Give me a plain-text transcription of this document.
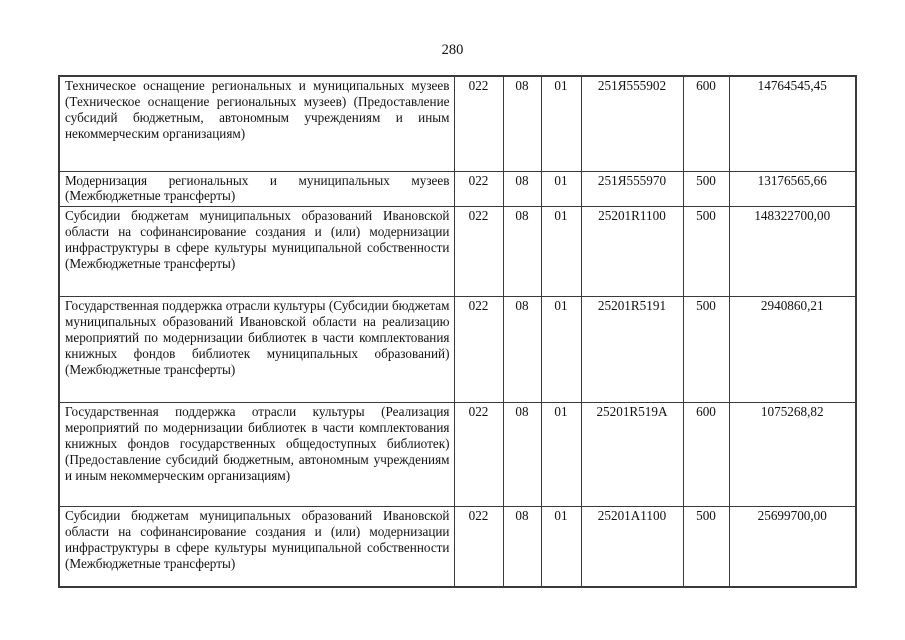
280
Техническое оснащение региональных и муниципальных музеев (Техническое оснащение региональных музеев) (Предоставление субсидий бюджетным, автономным учреждениям и иным некоммерческим организациям)	022	08	01	251Я555902	600	14764545,45
Модернизация региональных и муниципальных музеев (Межбюджетные трансферты)	022	08	01	251Я555970	500	13176565,66
Субсидии бюджетам муниципальных образований Ивановской области на софинансирование создания и (или) модернизации инфраструктуры в сфере культуры муниципальной собственности (Межбюджетные трансферты)	022	08	01	25201R1100	500	148322700,00
Государственная поддержка отрасли культуры (Субсидии бюджетам муниципальных образований Ивановской области на реализацию мероприятий по модернизации библиотек в части комплектования книжных фондов библиотек муниципальных образований) (Межбюджетные трансферты)	022	08	01	25201R5191	500	2940860,21
Государственная поддержка отрасли культуры (Реализация мероприятий по модернизации библиотек в части комплектования книжных фондов государственных общедоступных библиотек) (Предоставление субсидий бюджетным, автономным учреждениям и иным некоммерческим организациям)	022	08	01	25201R519A	600	1075268,82
Субсидии бюджетам муниципальных образований Ивановской области на софинансирование создания и (или) модернизации инфраструктуры в сфере культуры муниципальной собственности (Межбюджетные трансферты)	022	08	01	25201A1100	500	25699700,00
